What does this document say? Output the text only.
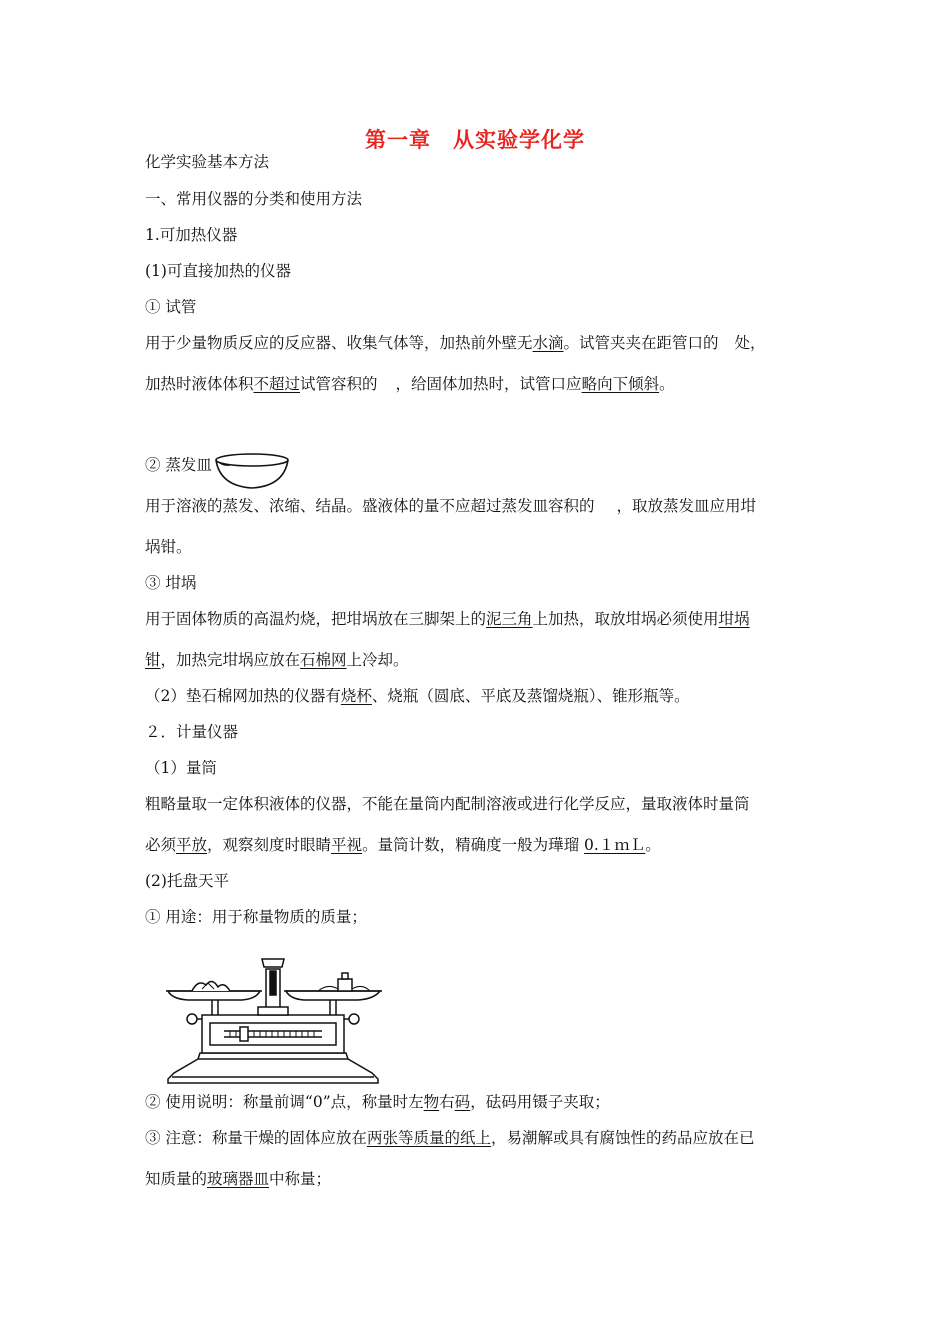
第一章　从实验学化学
化学实验基本方法
一、常用仪器的分类和使用方法
1.可加热仪器
(1)可直接加热的仪器
① 试管
用于少量物质反应的反应器、收集气体等，加热前外壁无水滴。试管夹夹在距管口的 处，
加热时液体体积不超过试管容积的 ，给固体加热时，试管口应略向下倾斜。
② 蒸发皿
用于溶液的蒸发、浓缩、结晶。盛液体的量不应超过蒸发皿容积的 ，取放蒸发皿应用坩
埚钳。
③ 坩埚
用于固体物质的高温灼烧，把坩埚放在三脚架上的泥三角上加热，取放坩埚必须使用坩埚
钳，加热完坩埚应放在石棉网上冷却。
（2）垫石棉网加热的仪器有烧杯、烧瓶（圆底、平底及蒸馏烧瓶）、锥形瓶等。
２．计量仪器
（1）量筒
粗略量取一定体积液体的仪器，不能在量筒内配制溶液或进行化学反应，量取液体时量筒
必须平放，观察刻度时眼睛平视。量筒计数，精确度一般为璍瑠 0.１ｍＬ。
(2)托盘天平
① 用途：用于称量物质的质量；
② 使用说明：称量前调“0”点，称量时左物右码，砝码用镊子夹取；
③ 注意：称量干燥的固体应放在两张等质量的纸上，易潮解或具有腐蚀性的药品应放在已
知质量的玻璃器皿中称量；
